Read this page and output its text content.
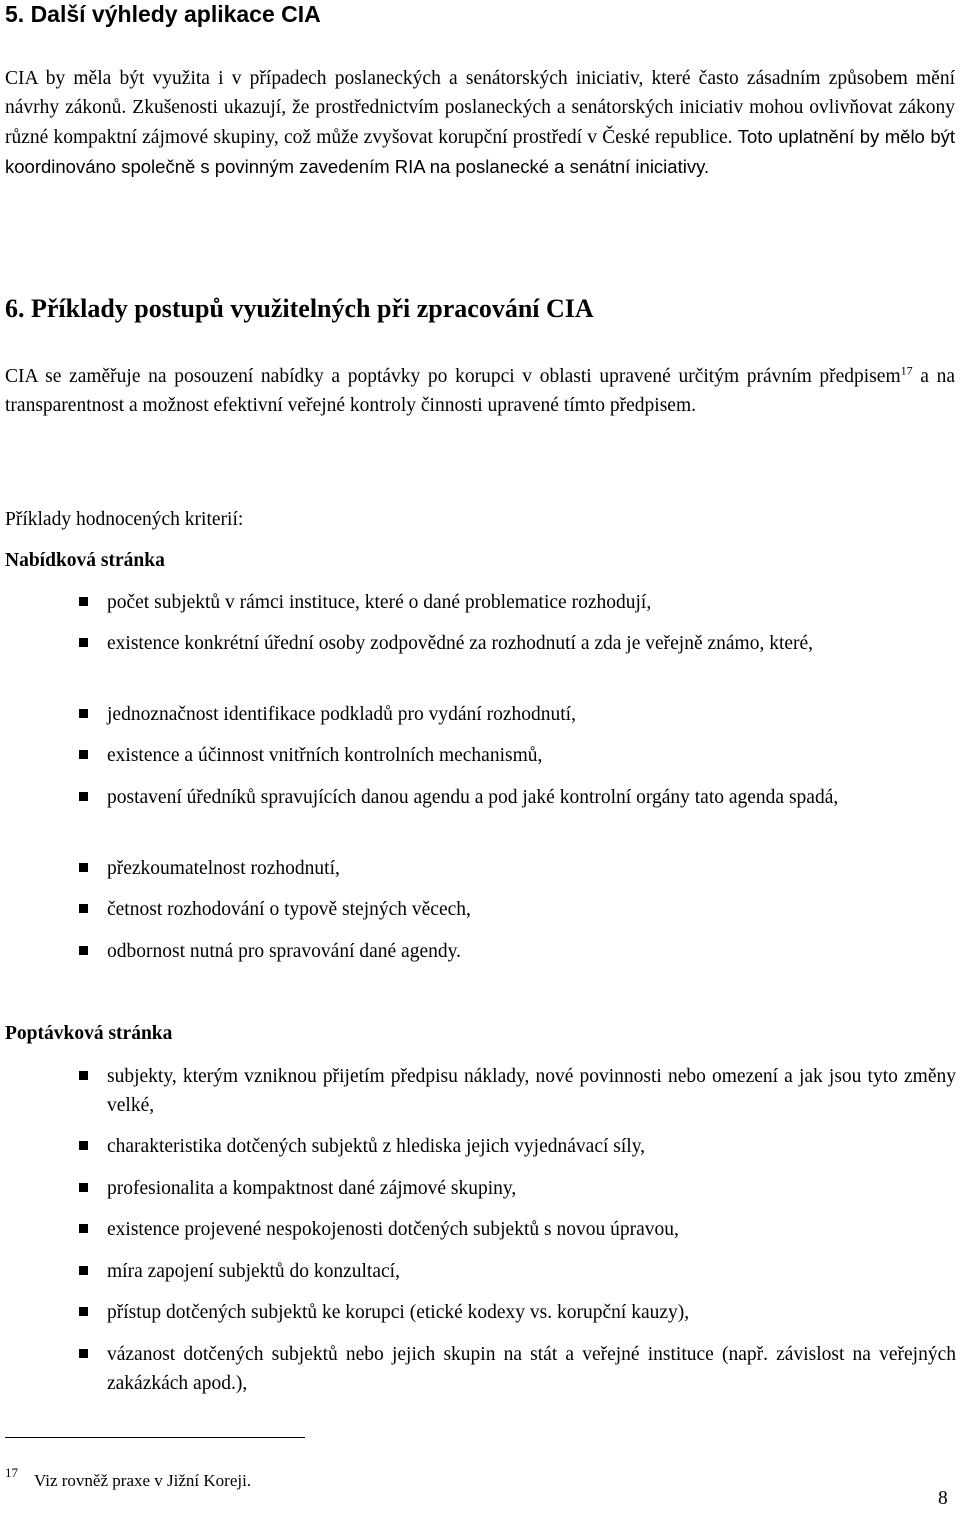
5. Další výhledy aplikace CIA
CIA by měla být využita i v případech poslaneckých a senátorských iniciativ, které často zásadním způsobem mění návrhy zákonů. Zkušenosti ukazují, že prostřednictvím poslaneckých a senátorských iniciativ mohou ovlivňovat zákony různé kompaktní zájmové skupiny, což může zvyšovat korupční prostředí v České republice. Toto uplatnění by mělo být koordinováno společně s povinným zavedením RIA na poslanecké a senátní iniciativy.
6. Příklady postupů využitelných při zpracování CIA
CIA se zaměřuje na posouzení nabídky a poptávky po korupci v oblasti upravené určitým právním předpisem$^{17}$ a na transparentnost a možnost efektivní veřejné kontroly činnosti upravené tímto předpisem.
Příklady hodnocených kriterií:
Nabídková stránka
počet subjektů v rámci instituce, které o dané problematice rozhodují,
existence konkrétní úřední osoby zodpovědné za rozhodnutí a zda je veřejně známo, které,
jednoznačnost identifikace podkladů pro vydání rozhodnutí,
existence a účinnost vnitřních kontrolních mechanismů,
postavení úředníků spravujících danou agendu a pod jaké kontrolní orgány tato agenda spadá,
přezkoumatelnost rozhodnutí,
četnost rozhodování o typově stejných věcech,
odbornost nutná pro spravování dané agendy.
Poptávková stránka
subjekty, kterým vzniknou přijetím předpisu náklady, nové povinnosti nebo omezení a jak jsou tyto změny velké,
charakteristika dotčených subjektů z hlediska jejich vyjednávací síly,
profesionalita a kompaktnost dané zájmové skupiny,
existence projevené nespokojenosti dotčených subjektů s novou úpravou,
míra zapojení subjektů do konzultací,
přístup dotčených subjektů ke korupci (etické kodexy vs. korupční kauzy),
vázanost dotčených subjektů nebo jejich skupin na stát a veřejné instituce (např. závislost na veřejných zakázkách apod.),
17 Viz rovněž praxe v Jižní Koreji.
8
